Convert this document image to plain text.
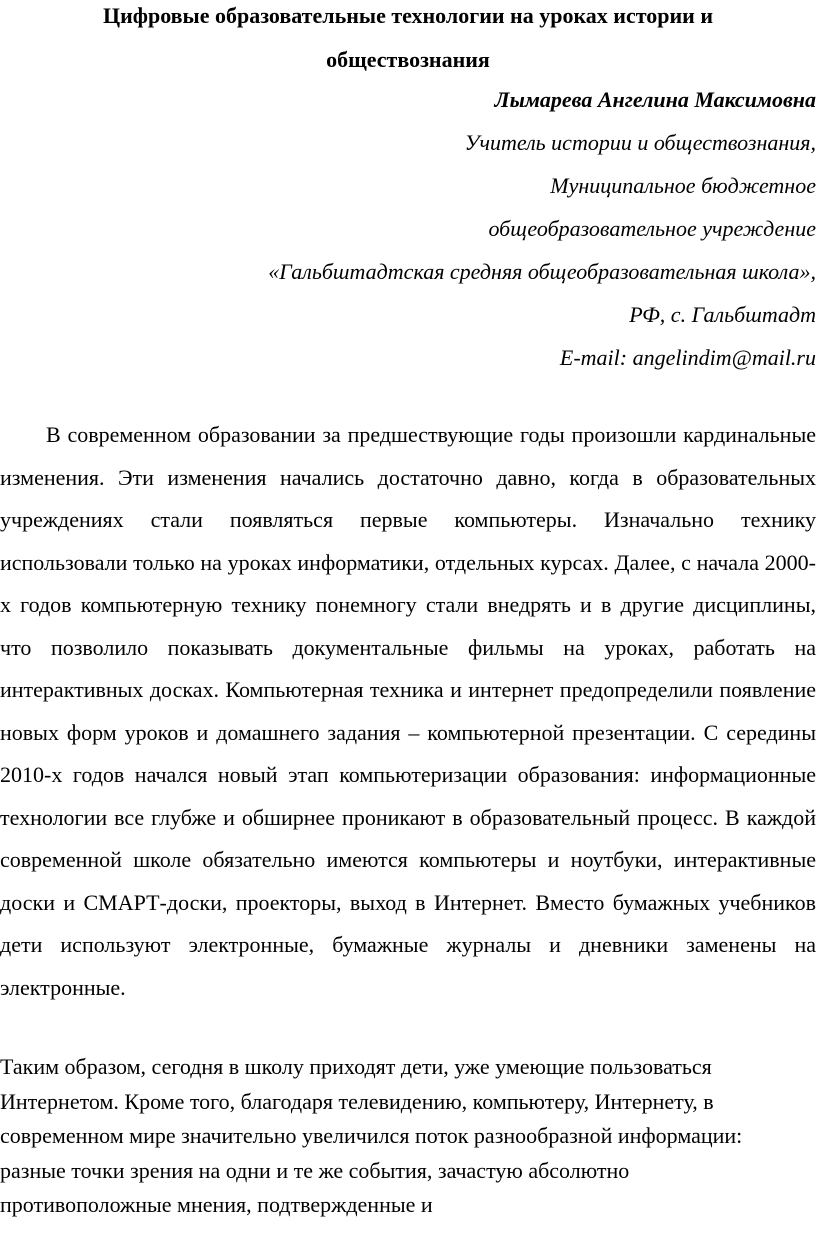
Цифровые образовательные технологии на уроках истории и
обществознания
Лымарева Ангелина Максимовна
Учитель истории и обществознания,
Муниципальное бюджетное
общеобразовательное учреждение
«Гальбштадтская средняя общеобразовательная школа»,
РФ, с. Гальбштадт
E-mail: angelindim@mail.ru

В современном образовании за предшествующие годы произошли кардинальные изменения. Эти изменения начались достаточно давно, когда в образовательных учреждениях стали появляться первые компьютеры. Изначально технику использовали только на уроках информатики, отдельных курсах. Далее, с начала 2000-х годов компьютерную технику понемногу стали внедрять и в другие дисциплины, что позволило показывать документальные фильмы на уроках, работать на интерактивных досках. Компьютерная техника и интернет предопределили появление новых форм уроков и домашнего задания – компьютерной презентации. С середины 2010-х годов начался новый этап компьютеризации образования: информационные технологии все глубже и обширнее проникают в образовательный процесс. В каждой современной школе обязательно имеются компьютеры и ноутбуки, интерактивные доски и СМАРТ-доски, проекторы, выход в Интернет. Вместо бумажных учебников дети используют электронные, бумажные журналы и дневники заменены на электронные.

Таким образом, сегодня в школу приходят дети, уже умеющие пользоваться Интернетом. Кроме того, благодаря телевидению, компьютеру, Интернету, в современном мире значительно увеличился поток разнообразной информации: разные точки зрения на одни и те же события, зачастую абсолютно противоположные мнения, подтвержденные и
